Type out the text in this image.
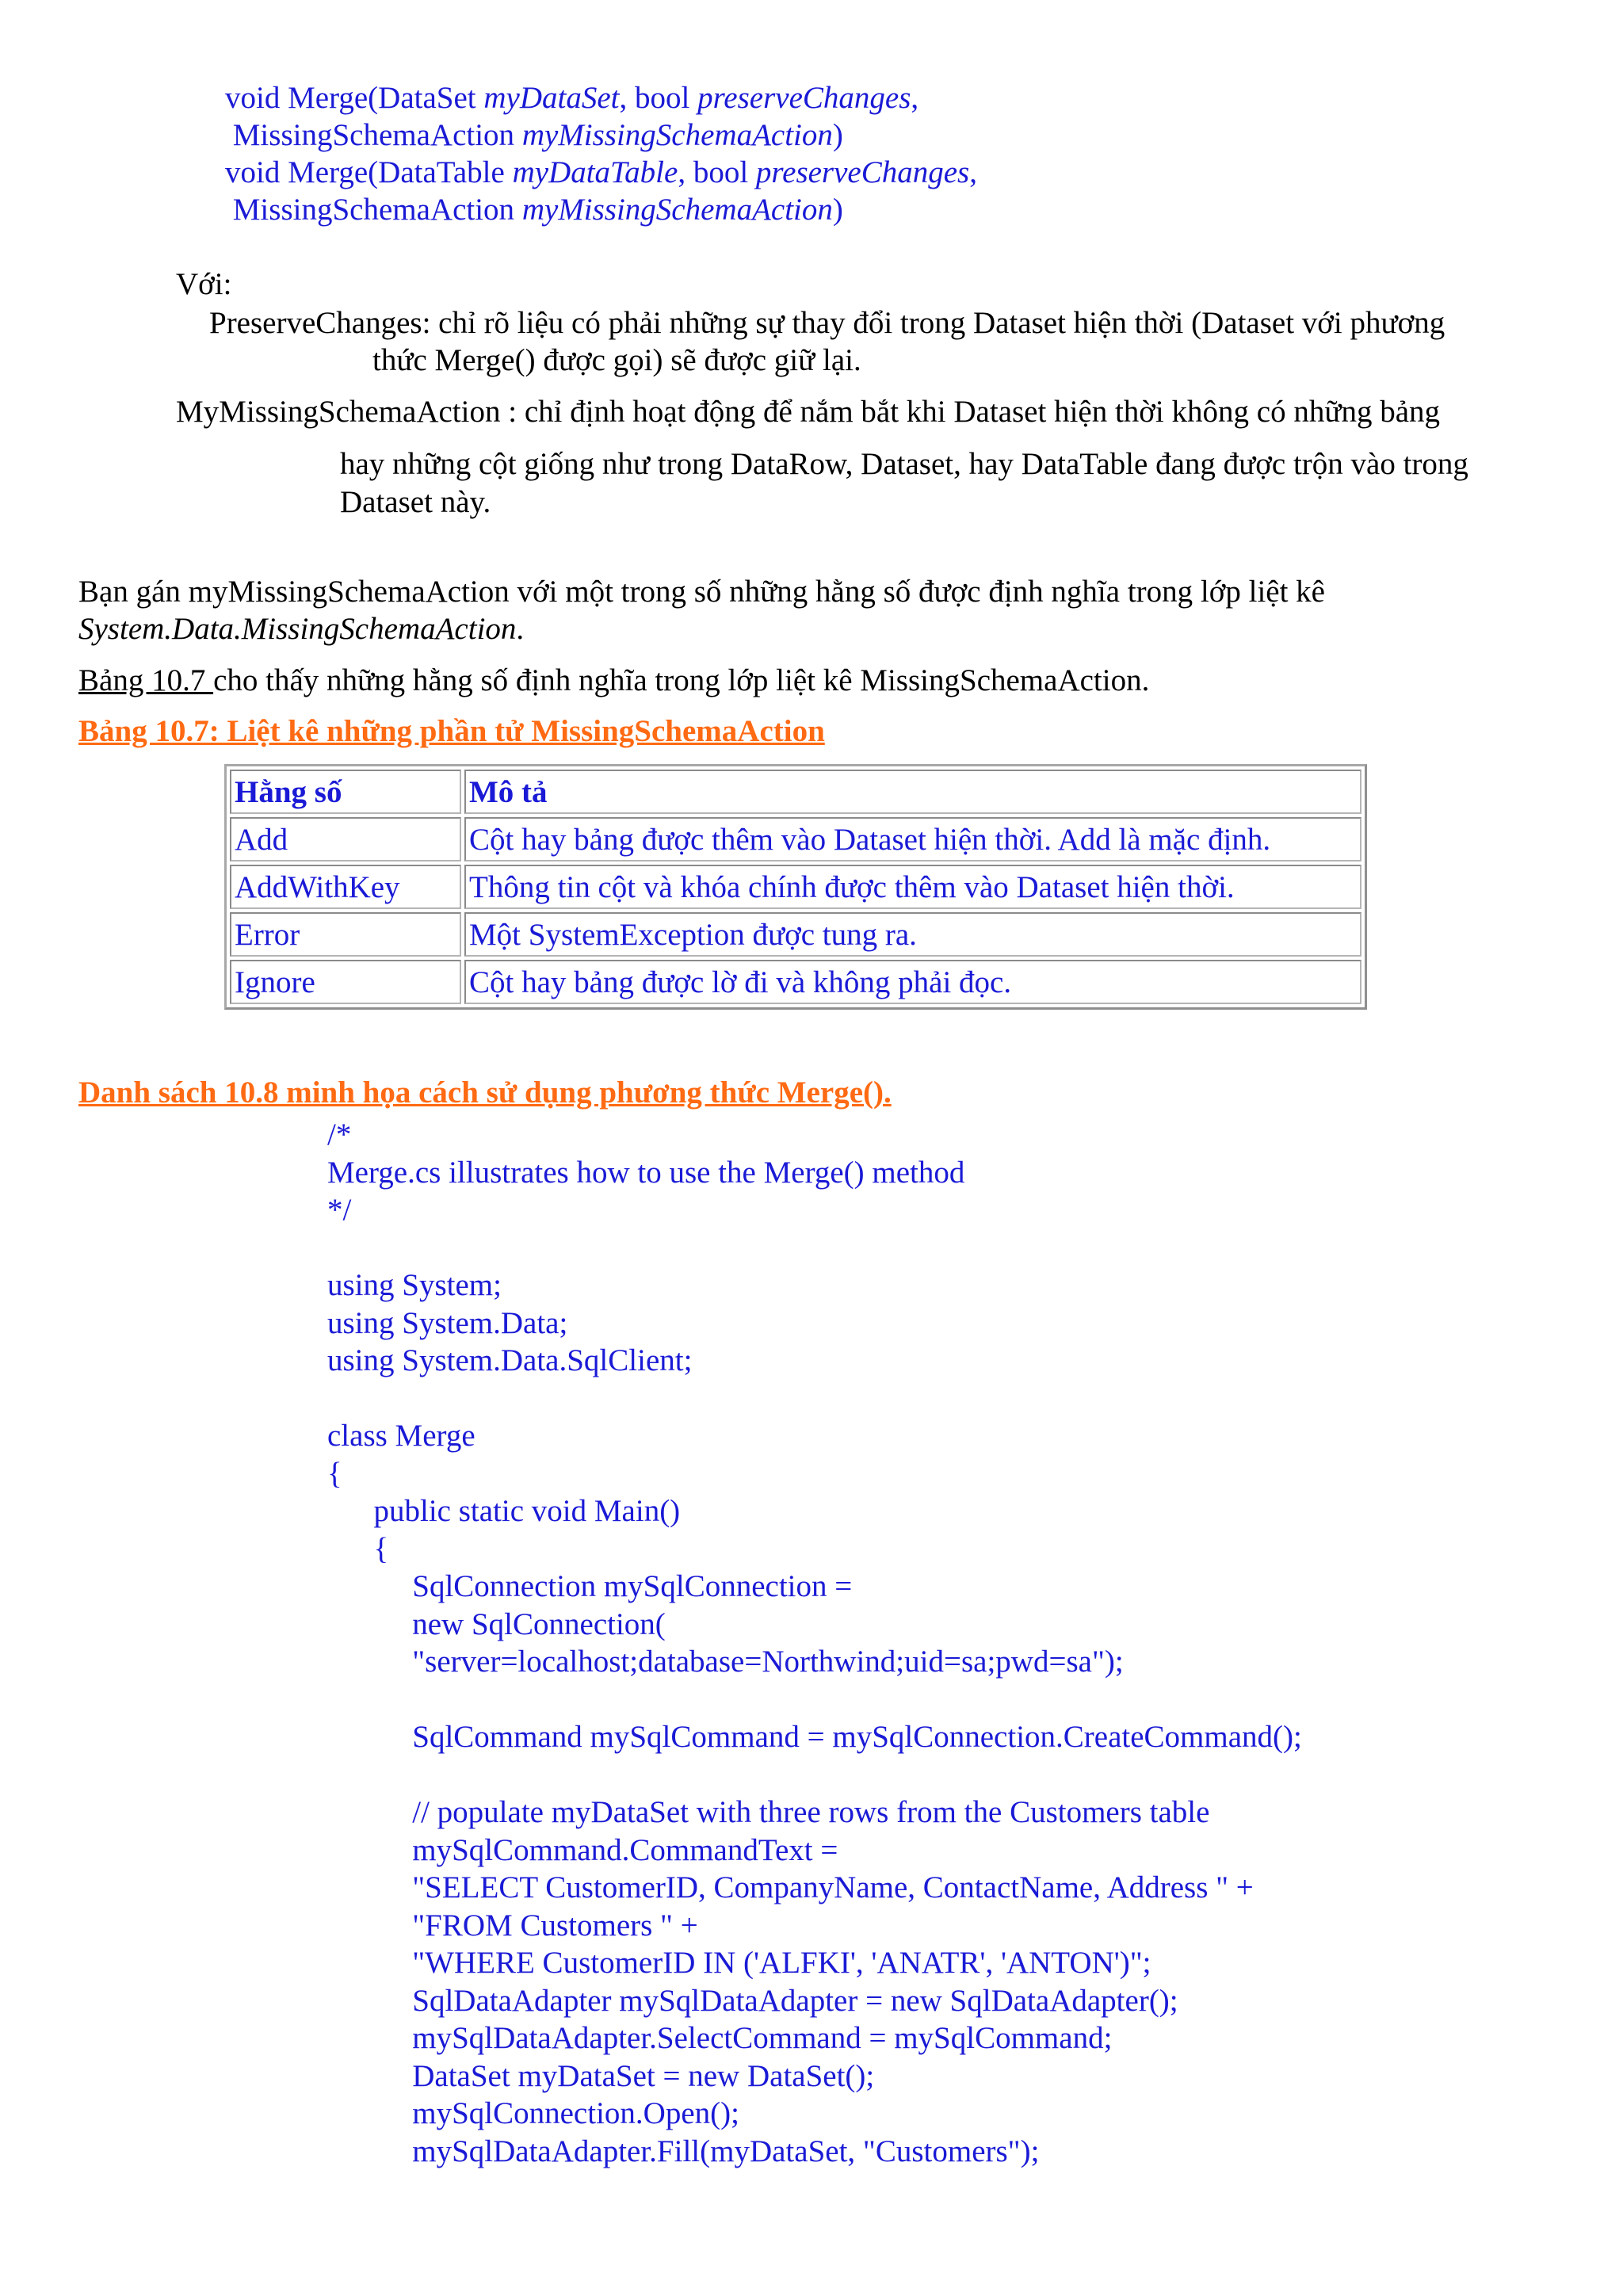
void Merge(DataSet myDataSet, bool preserveChanges,
MissingSchemaAction myMissingSchemaAction)
void Merge(DataTable myDataTable, bool preserveChanges,
MissingSchemaAction myMissingSchemaAction)
Với:
PreserveChanges: chỉ rõ liệu có phải những sự thay đổi trong Dataset hiện thời (Dataset với phương
thức Merge() được gọi) sẽ được giữ lại.
MyMissingSchemaAction : chỉ định hoạt động để nắm bắt khi Dataset hiện thời không có những bảng
hay những cột giống như trong DataRow, Dataset, hay DataTable đang được trộn vào trong
Dataset này.
Bạn gán myMissingSchemaAction với một trong số những hằng số được định nghĩa trong lớp liệt kê
System.Data.MissingSchemaAction.
Bảng 10.7 cho thấy những hằng số định nghĩa trong lớp liệt kê MissingSchemaAction.
Bảng 10.7: Liệt kê những phần tử MissingSchemaAction
Hằng số	Mô tả
Add	Cột hay bảng được thêm vào Dataset hiện thời. Add là mặc định.
AddWithKey	Thông tin cột và khóa chính được thêm vào Dataset hiện thời.
Error	Một SystemException được tung ra.
Ignore	Cột hay bảng được lờ đi và không phải đọc.
Danh sách 10.8 minh họa cách sử dụng phương thức Merge().
/*
Merge.cs illustrates how to use the Merge() method
*/
using System;
using System.Data;
using System.Data.SqlClient;
class Merge
{
public static void Main()
{
SqlConnection mySqlConnection =
new SqlConnection(
"server=localhost;database=Northwind;uid=sa;pwd=sa");
SqlCommand mySqlCommand = mySqlConnection.CreateCommand();
// populate myDataSet with three rows from the Customers table
mySqlCommand.CommandText =
"SELECT CustomerID, CompanyName, ContactName, Address " +
"FROM Customers " +
"WHERE CustomerID IN ('ALFKI', 'ANATR', 'ANTON')";
SqlDataAdapter mySqlDataAdapter = new SqlDataAdapter();
mySqlDataAdapter.SelectCommand = mySqlCommand;
DataSet myDataSet = new DataSet();
mySqlConnection.Open();
mySqlDataAdapter.Fill(myDataSet, "Customers");
